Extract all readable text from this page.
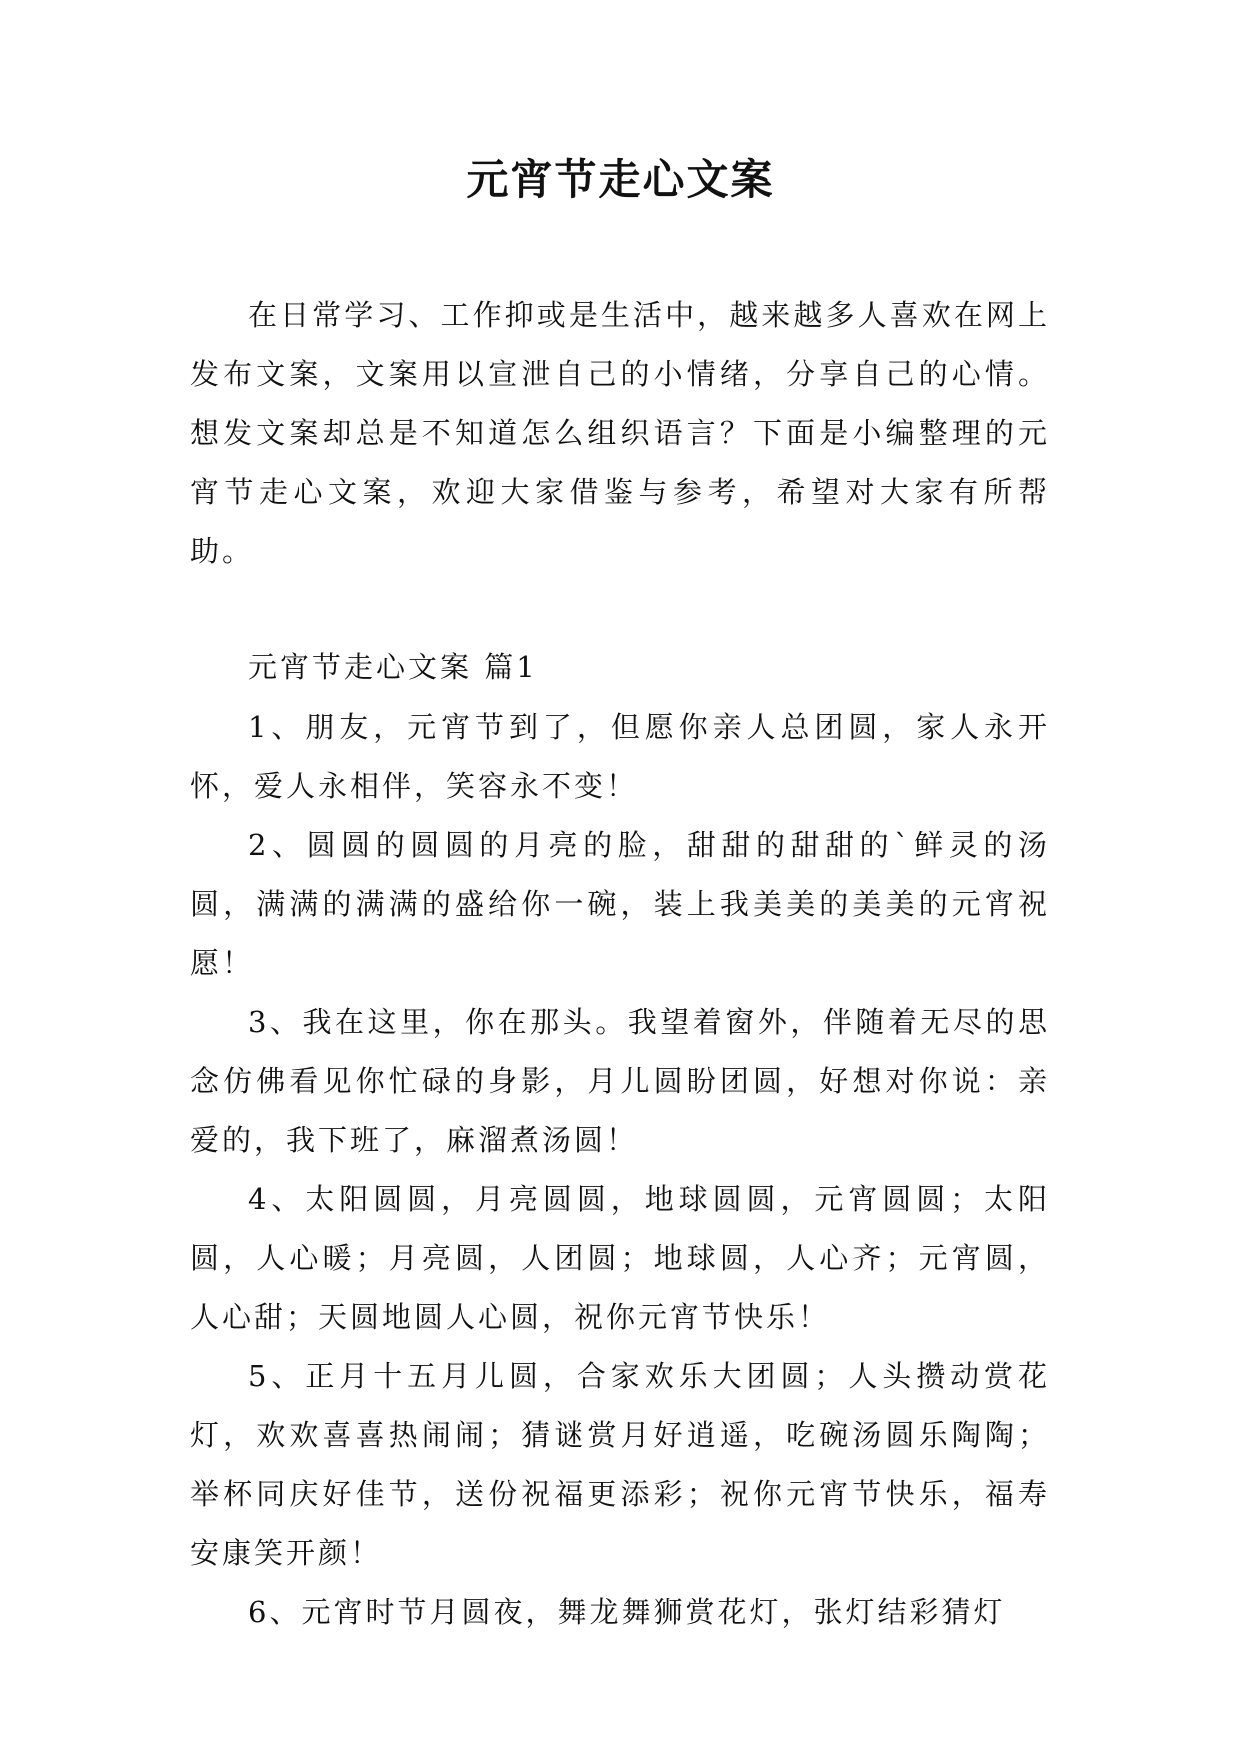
元宵节走心文案

在日常学习、工作抑或是生活中，越来越多人喜欢在网上发布文案，文案用以宣泄自己的小情绪，分享自己的心情。想发文案却总是不知道怎么组织语言？下面是小编整理的元宵节走心文案，欢迎大家借鉴与参考，希望对大家有所帮助。

元宵节走心文案 篇1

1、朋友，元宵节到了，但愿你亲人总团圆，家人永开怀，爱人永相伴，笑容永不变！

2、圆圆的圆圆的月亮的脸，甜甜的甜甜的`鲜灵的汤圆，满满的满满的盛给你一碗，装上我美美的美美的元宵祝愿！

3、我在这里，你在那头。我望着窗外，伴随着无尽的思念仿佛看见你忙碌的身影，月儿圆盼团圆，好想对你说：亲爱的，我下班了，麻溜煮汤圆！

4、太阳圆圆，月亮圆圆，地球圆圆，元宵圆圆；太阳圆，人心暖；月亮圆，人团圆；地球圆，人心齐；元宵圆，人心甜；天圆地圆人心圆，祝你元宵节快乐！

5、正月十五月儿圆，合家欢乐大团圆；人头攒动赏花灯，欢欢喜喜热闹闹；猜谜赏月好逍遥，吃碗汤圆乐陶陶；举杯同庆好佳节，送份祝福更添彩；祝你元宵节快乐，福寿安康笑开颜！

6、元宵时节月圆夜，舞龙舞狮赏花灯，张灯结彩猜灯
